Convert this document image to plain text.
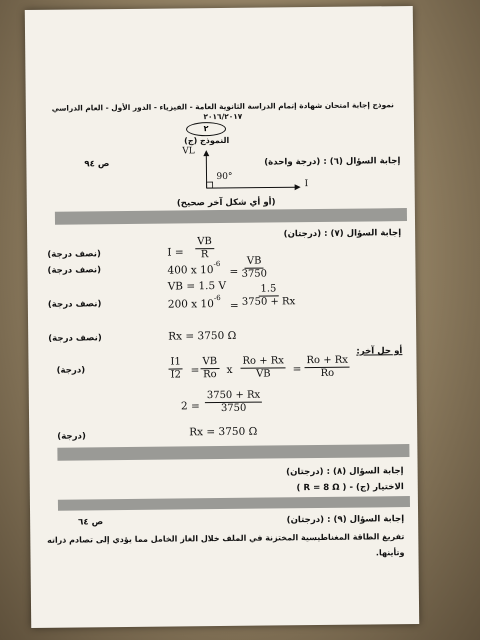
نموذج إجابة امتحان شهادة إتمام الدراسة الثانوية العامة - الفيزياء - الدور الأول - العام الدراسي ٢٠١٦/٢٠١٧
٢
النموذج (ج)
إجابة السؤال (٦) : (درجة واحدة)
ص ٩٤
VL
I
90°
(أو أي شكل آخر صحيح)
إجابة السؤال (٧) : (درجتان)
(نصف درجة)
(نصف درجة)
(نصف درجة)
(نصف درجة)
$I = \frac{VB}{R}$
400 x 10
-6
= $\frac{VB}{3750}$
VB = 1.5 V
200 x 10
-6
= $\frac{1.5}{3750 + Rx}$
Rx = 3750 Ω
أو حل آخر:
(درجة)	$\frac{I1}{I2} = \frac{VB}{Ro}$ x $\frac{Ro + Rx}{VB} = \frac{Ro + Rx}{Ro}$
$2 = \frac{3750 + Rx}{3750}$
(درجة)	Rx = 3750 Ω
إجابة السؤال (٨) : (درجتان)
الاختيار (ج) - ( R = 8 Ω )
إجابة السؤال (٩) : (درجتان)
ص ٦٤
تفريغ الطاقة المغناطيسية المختزنة في الملف خلال الغاز الخامل مما يؤدي إلى تصادم ذراته
وتأينها.
